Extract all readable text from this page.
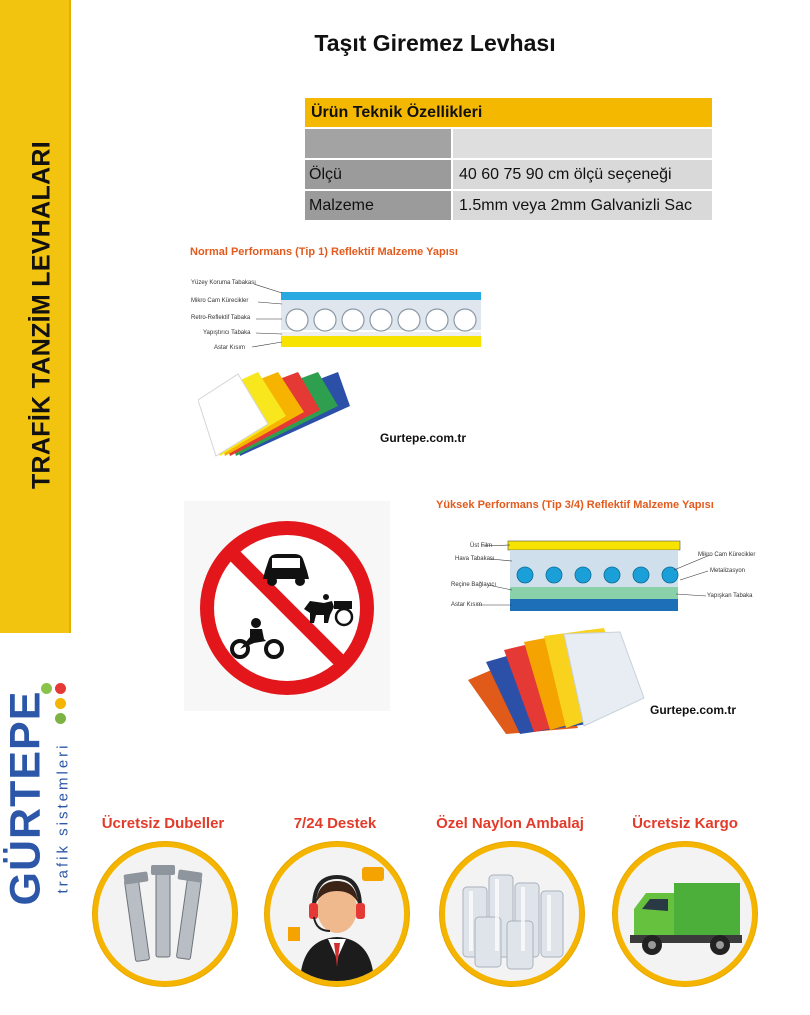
TRAFİK TANZİM LEVHALARI
GÜRTEPE trafik sistemleri
Taşıt Giremez Levhası
Ürün Teknik Özellikleri
Ölçü	40 60 75 90 cm ölçü seçeneği
Malzeme	1.5mm veya 2mm Galvanizli Sac
Normal Performans (Tip 1) Reflektif Malzeme Yapısı
Yüzey Koruma Tabakası
Mikro Cam Kürecikler
Retro-Reflektif Tabaka
Yapıştırıcı Tabaka
Astar Kısım
Gurtepe.com.tr
Yüksek Performans (Tip 3/4) Reflektif Malzeme Yapısı
Üst Film
Hava Tabakası
Reçine Bağlayıcı
Astar Kısım
Mikro Cam Kürecikler
Metalizasyon
Yapışkan Tabaka
Gurtepe.com.tr
Ücretsiz Dubeller	7/24 Destek	Özel Naylon Ambalaj	Ücretsiz Kargo
